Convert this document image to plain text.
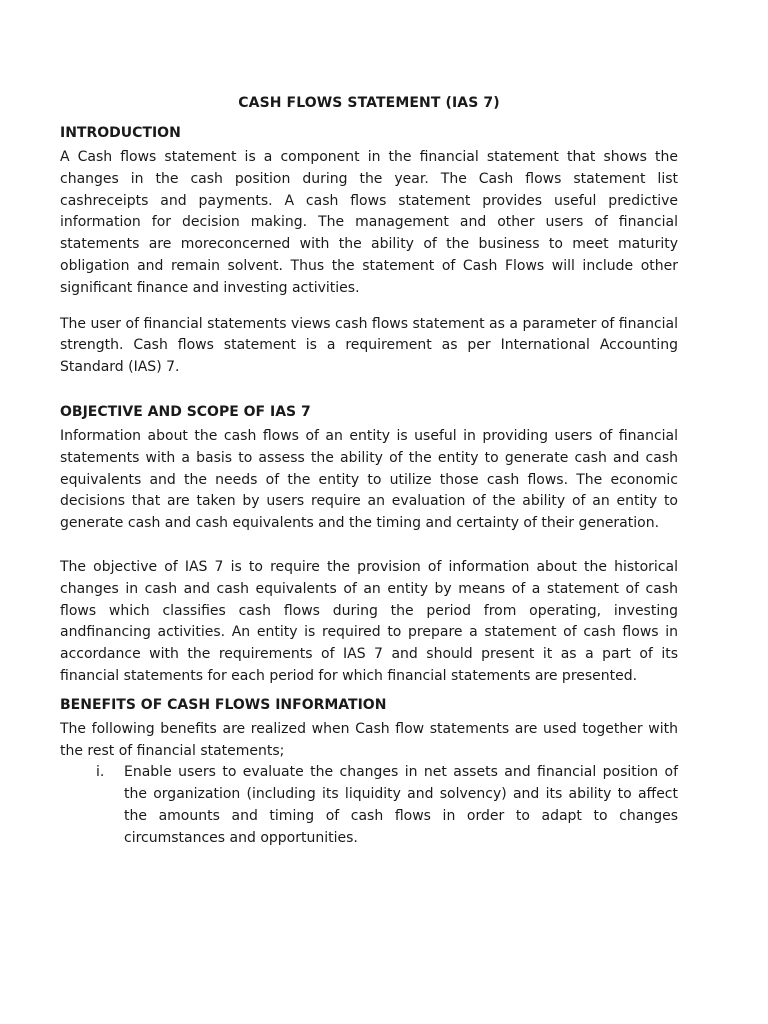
CASH FLOWS STATEMENT (IAS 7)
INTRODUCTION

A Cash flows statement is a component in the financial statement that shows the changes in the cash position during the year. The Cash flows statement list cashreceipts and payments. A cash flows statement provides useful predictive information for decision making. The management and other users of financial statements are moreconcerned with the ability of the business to meet maturity obligation and remain solvent. Thus the statement of Cash Flows will include other significant finance and investing activities.

The user of financial statements views cash flows statement as a parameter of financial strength. Cash flows statement is a requirement as per International Accounting Standard (IAS) 7.

OBJECTIVE AND SCOPE OF IAS 7

Information about the cash flows of an entity is useful in providing users of financial statements with a basis to assess the ability of the entity to generate cash and cash equivalents and the needs of the entity to utilize those cash flows. The economic decisions that are taken by users require an evaluation of the ability of an entity to generate cash and cash equivalents and the timing and certainty of their generation.

The objective of IAS 7 is to require the provision of information about the historical changes in cash and cash equivalents of an entity by means of a statement of cash flows which classifies cash flows during the period from operating, investing andfinancing activities. An entity is required to prepare a statement of cash flows in accordance with the requirements of IAS 7 and should present it as a part of its financial statements for each period for which financial statements are presented.

BENEFITS OF CASH FLOWS INFORMATION

The following benefits are realized when Cash flow statements are used together with the rest of financial statements;

i.	Enable users to evaluate the changes in net assets and financial position of the organization (including its liquidity and solvency) and its ability to affect the amounts and timing of cash flows in order to adapt to changes circumstances and opportunities.
